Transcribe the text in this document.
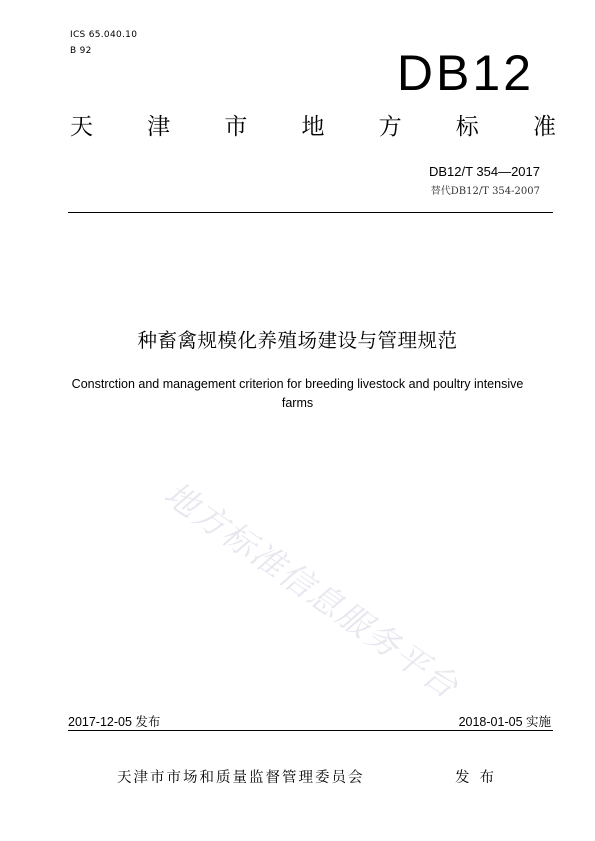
ICS 65.040.10
B 92	DB12
天 津 市 地 方 标 准
DB12/T 354—2017
替代DB12/T 354-2007
种畜禽规模化养殖场建设与管理规范
Constrction and management criterion for breeding livestock and poultry intensive farms
地方标准信息服务平台
2017-12-05 发布	2018-01-05 实施
天津市市场和质量监督管理委员会	发布
